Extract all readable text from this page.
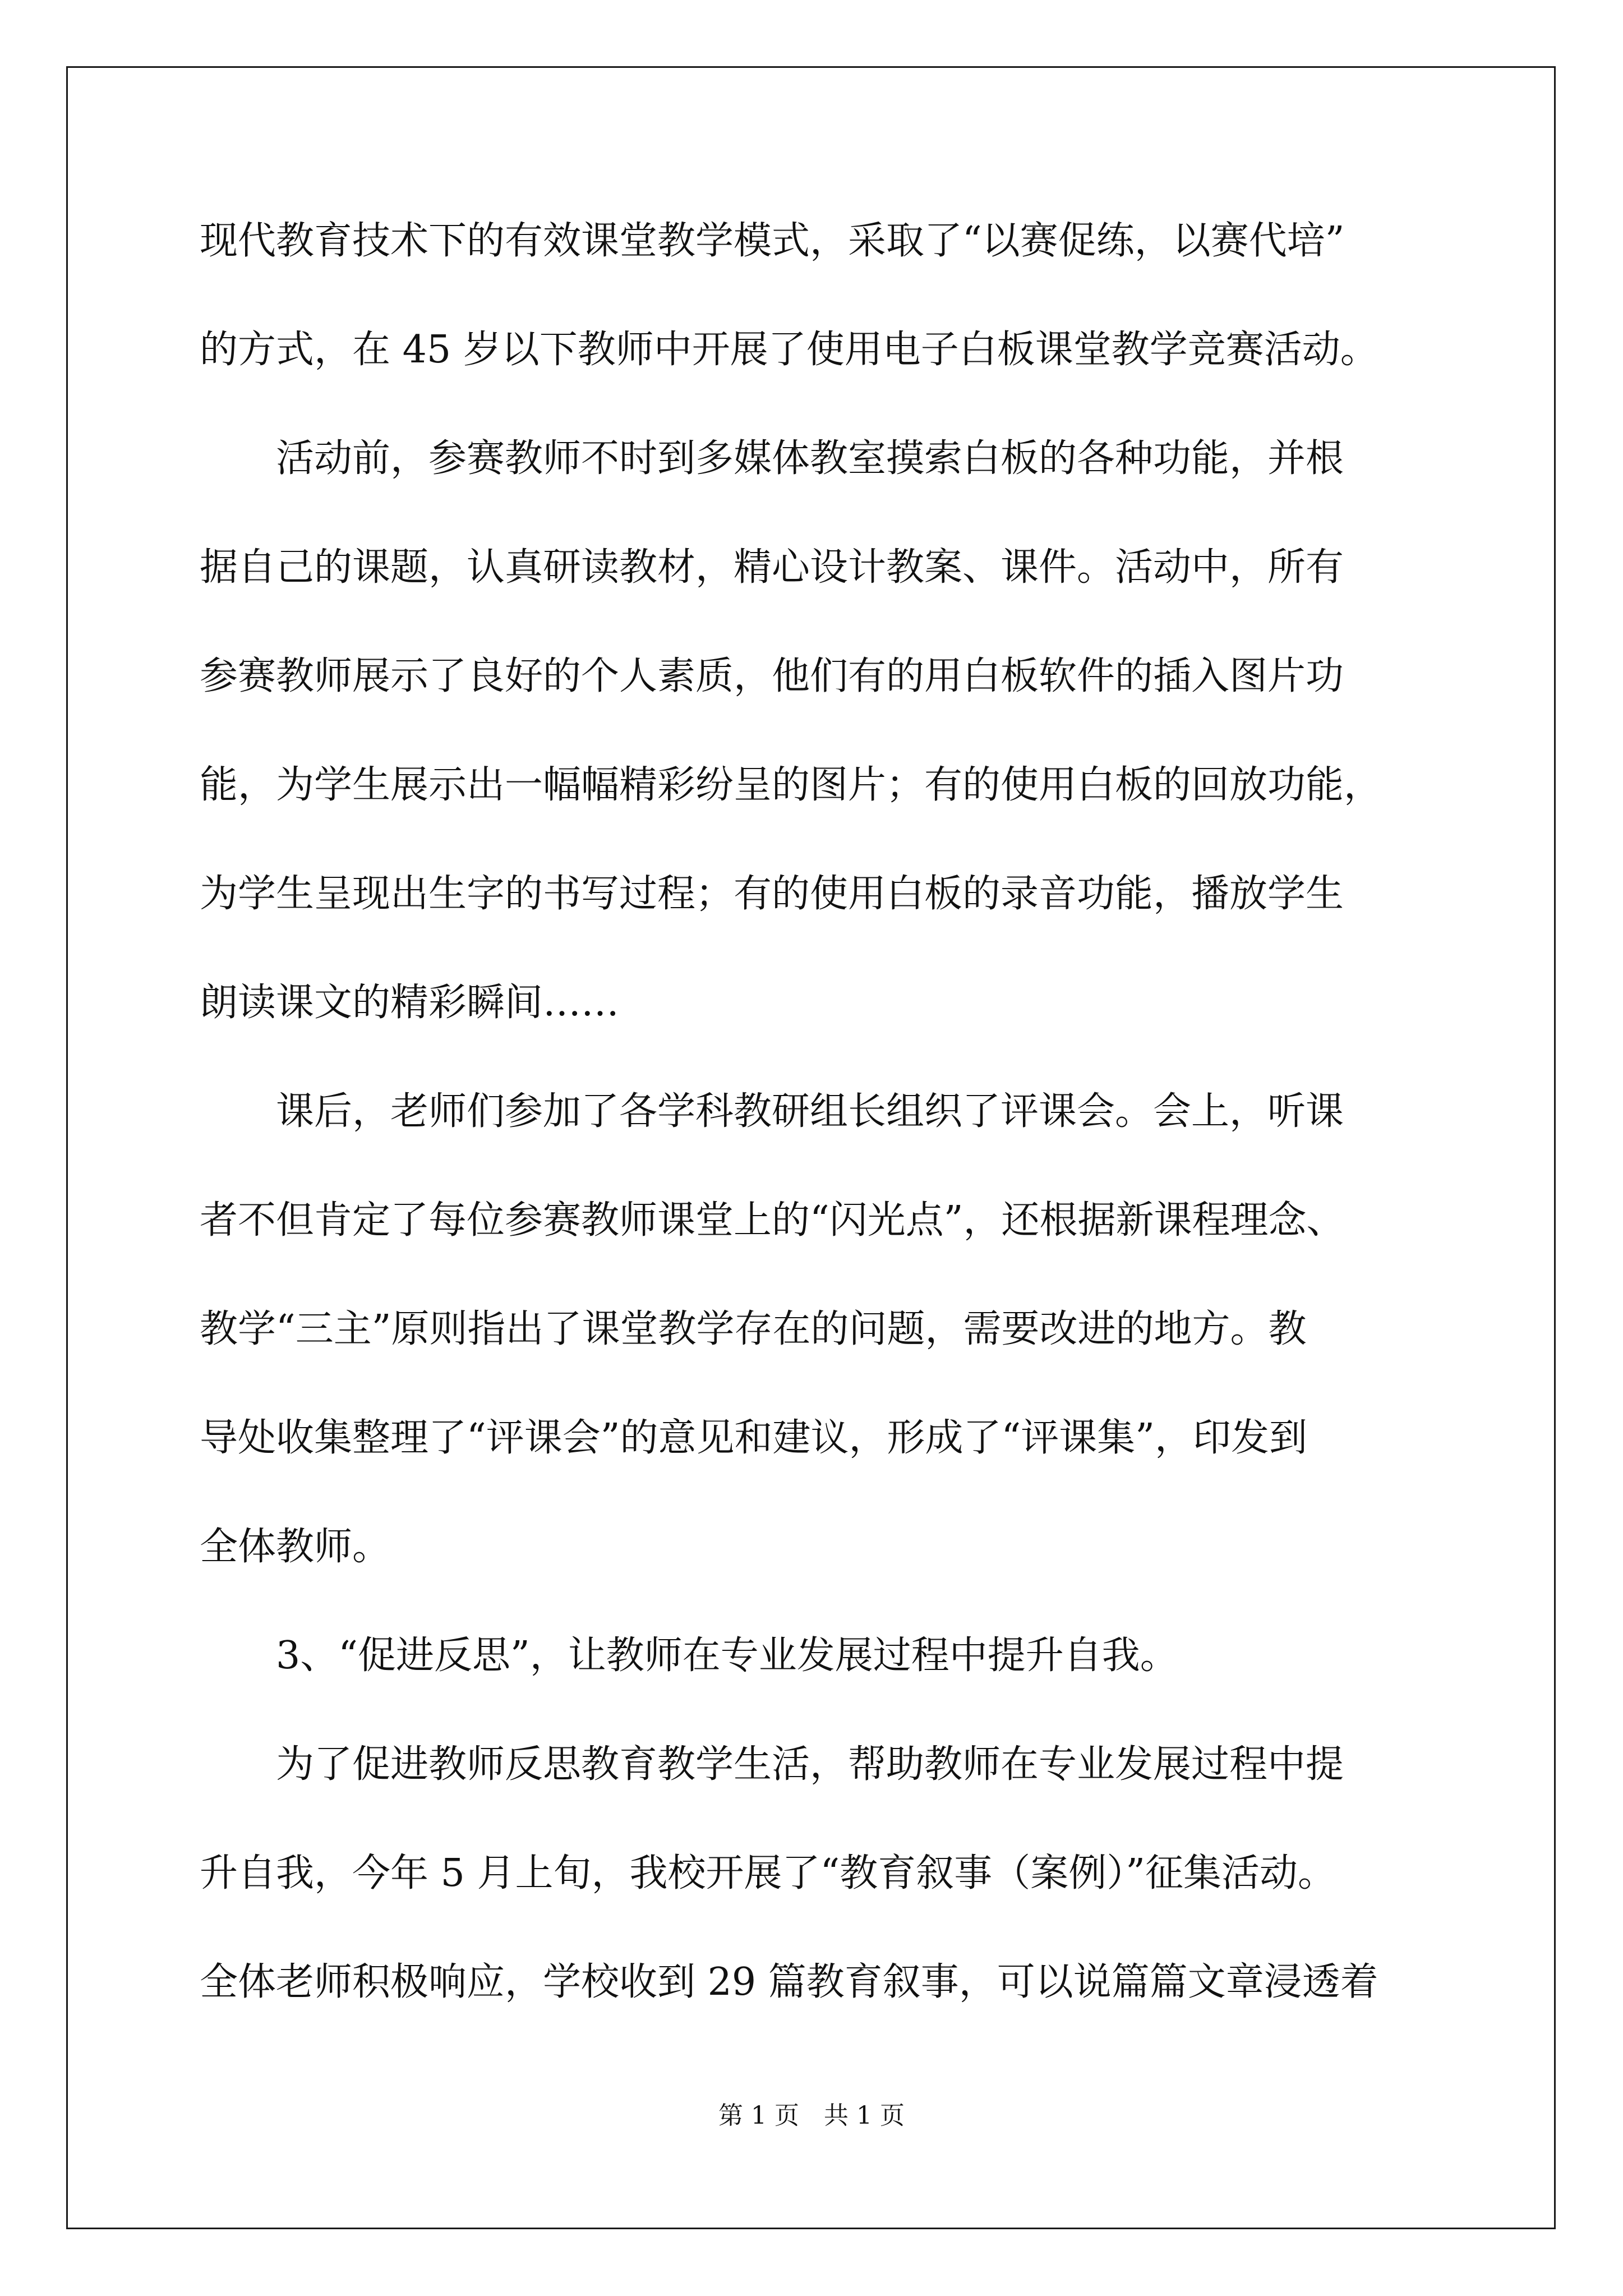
现代教育技术下的有效课堂教学模式，采取了“以赛促练，以赛代培”
的方式，在 45 岁以下教师中开展了使用电子白板课堂教学竞赛活动。
　　活动前，参赛教师不时到多媒体教室摸索白板的各种功能，并根
据自己的课题，认真研读教材，精心设计教案、课件。活动中，所有
参赛教师展示了良好的个人素质，他们有的用白板软件的插入图片功
能，为学生展示出一幅幅精彩纷呈的图片；有的使用白板的回放功能，
为学生呈现出生字的书写过程；有的使用白板的录音功能，播放学生
朗读课文的精彩瞬间……
　　课后，老师们参加了各学科教研组长组织了评课会。会上，听课
者不但肯定了每位参赛教师课堂上的“闪光点”，还根据新课程理念、
教学“三主”原则指出了课堂教学存在的问题，需要改进的地方。教
导处收集整理了“评课会”的意见和建议，形成了“评课集”，印发到
全体教师。
　　3、“促进反思”，让教师在专业发展过程中提升自我。
　　为了促进教师反思教育教学生活，帮助教师在专业发展过程中提
升自我，今年 5 月上旬，我校开展了“教育叙事（案例）”征集活动。
全体老师积极响应，学校收到 29 篇教育叙事，可以说篇篇文章浸透着
第 1 页　共 1 页
